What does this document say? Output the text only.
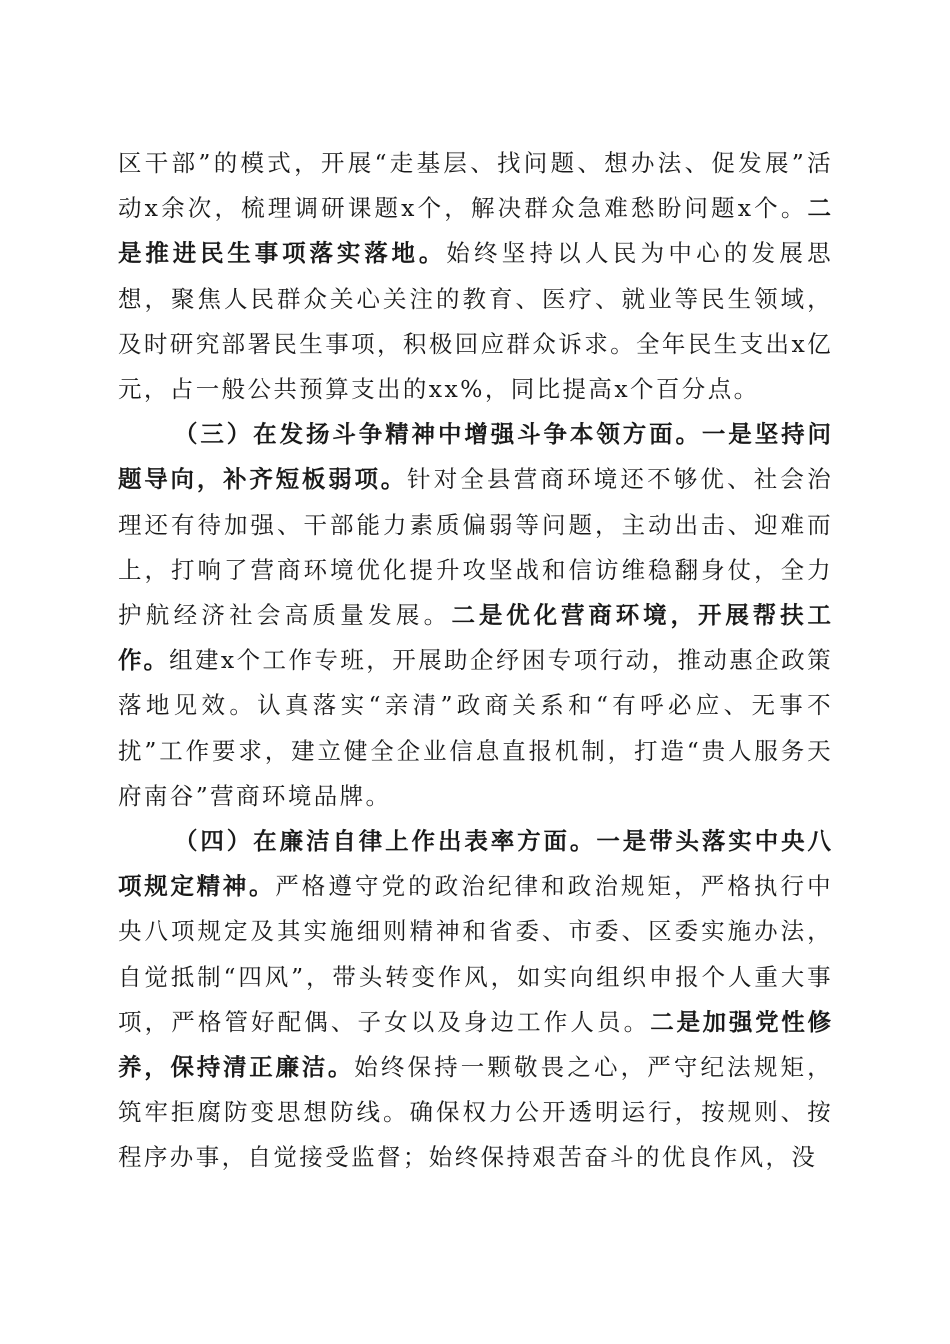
区干部”的模式，开展“走基层、找问题、想办法、促发展”活动x余次，梳理调研课题x个，解决群众急难愁盼问题x个。二是推进民生事项落实落地。始终坚持以人民为中心的发展思想，聚焦人民群众关心关注的教育、医疗、就业等民生领域，及时研究部署民生事项，积极回应群众诉求。全年民生支出x亿元，占一般公共预算支出的xx%，同比提高x个百分点。

（三）在发扬斗争精神中增强斗争本领方面。一是坚持问题导向，补齐短板弱项。针对全县营商环境还不够优、社会治理还有待加强、干部能力素质偏弱等问题，主动出击、迎难而上，打响了营商环境优化提升攻坚战和信访维稳翻身仗，全力护航经济社会高质量发展。二是优化营商环境，开展帮扶工作。组建x个工作专班，开展助企纾困专项行动，推动惠企政策落地见效。认真落实“亲清”政商关系和“有呼必应、无事不扰”工作要求，建立健全企业信息直报机制，打造“贵人服务天府南谷”营商环境品牌。

（四）在廉洁自律上作出表率方面。一是带头落实中央八项规定精神。严格遵守党的政治纪律和政治规矩，严格执行中央八项规定及其实施细则精神和省委、市委、区委实施办法，自觉抵制“四风”，带头转变作风，如实向组织申报个人重大事项，严格管好配偶、子女以及身边工作人员。二是加强党性修养，保持清正廉洁。始终保持一颗敬畏之心，严守纪法规矩，筑牢拒腐防变思想防线。确保权力公开透明运行，按规则、按程序办事，自觉接受监督；始终保持艰苦奋斗的优良作风，没
